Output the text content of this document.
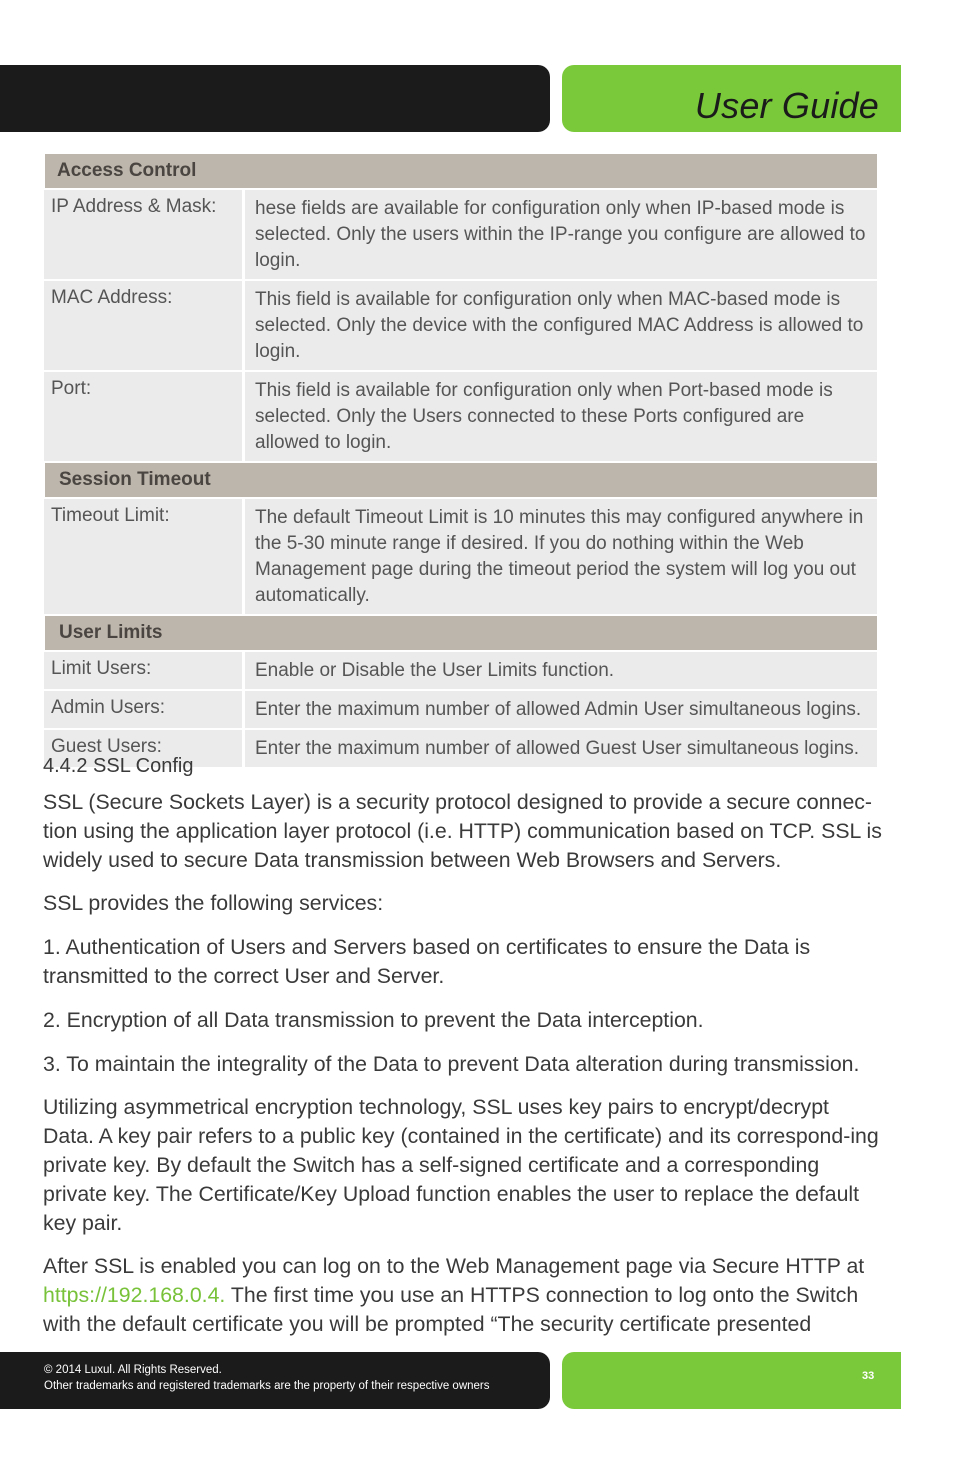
User Guide
Access Control	
IP Address & Mask:	hese fields are available for configuration only when IP-based mode is selected. Only the users within the IP-range you configure are allowed to login.
MAC Address:	This field is available for configuration only when MAC-based mode is selected. Only the device with the configured MAC Address is allowed to login.
Port:	This field is available for configuration only when Port-based mode is selected. Only the Users connected to these Ports configured are allowed to login.
Session Timeout	
Timeout Limit:	The default Timeout Limit is 10 minutes this may configured anywhere in the 5-30 minute range if desired. If you do nothing within the Web Management page during the timeout period the system will log you out automatically.
User Limits	
Limit Users:	Enable or Disable the User Limits function.
Admin Users:	Enter the maximum number of allowed Admin User simultaneous logins.
Guest Users:	Enter the maximum number of allowed Guest User simultaneous logins.
4.4.2 SSL Config

SSL (Secure Sockets Layer) is a security protocol designed to provide a secure connec-tion using the application layer protocol (i.e. HTTP) communication based on TCP. SSL is widely used to secure Data transmission between Web Browsers and Servers.

SSL provides the following services:

1. Authentication of Users and Servers based on certificates to ensure the Data is transmitted to the correct User and Server.

2. Encryption of all Data transmission to prevent the Data interception.

3. To maintain the integrality of the Data to prevent Data alteration during transmission.

Utilizing asymmetrical encryption technology, SSL uses key pairs to encrypt/decrypt Data. A key pair refers to a public key (contained in the certificate) and its correspond-ing private key. By default the Switch has a self-signed certificate and a corresponding private key. The Certificate/Key Upload function enables the user to replace the default key pair.

After SSL is enabled you can log on to the Web Management page via Secure HTTP at https://192.168.0.4. The first time you use an HTTPS connection to log onto the Switch with the default certificate you will be prompted “The security certificate presented

© 2014 Luxul. All Rights Reserved.
Other trademarks and registered trademarks are the property of their respective owners
33
